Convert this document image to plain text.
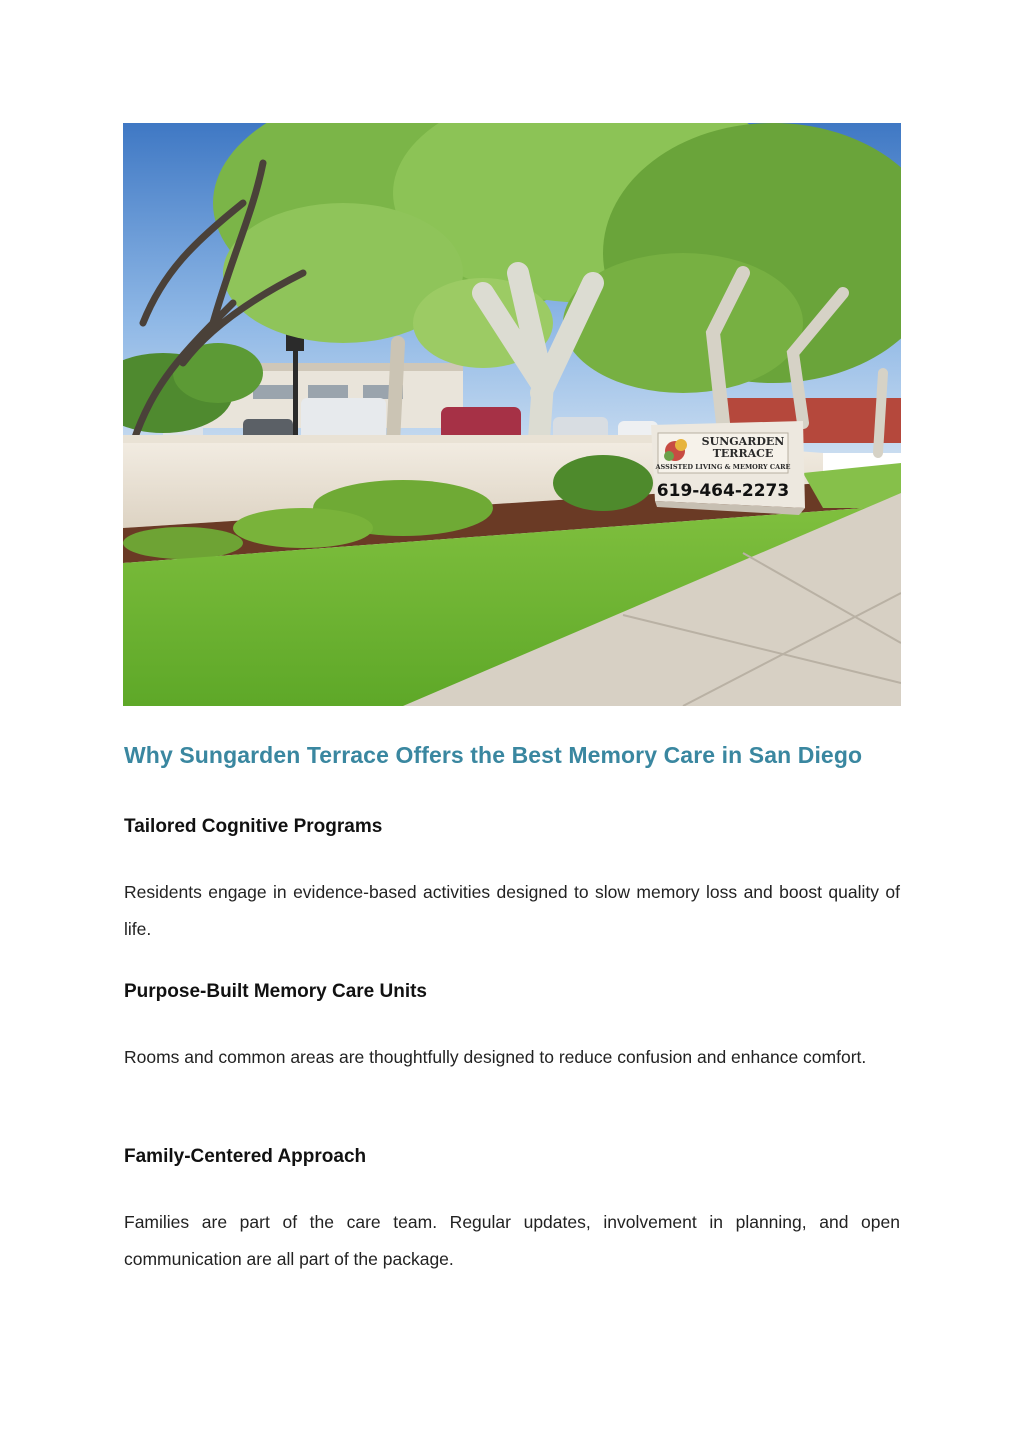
SUNGARDEN
TERRACE
ASSISTED LIVING & MEMORY CARE
619-464-2273
Why Sungarden Terrace Offers the Best Memory Care in San Diego
Tailored Cognitive Programs

Residents engage in evidence-based activities designed to slow memory loss and boost quality of life.

Purpose-Built Memory Care Units

Rooms and common areas are thoughtfully designed to reduce confusion and enhance comfort.

Family-Centered Approach

Families are part of the care team. Regular updates, involvement in planning, and open communication are all part of the package.
